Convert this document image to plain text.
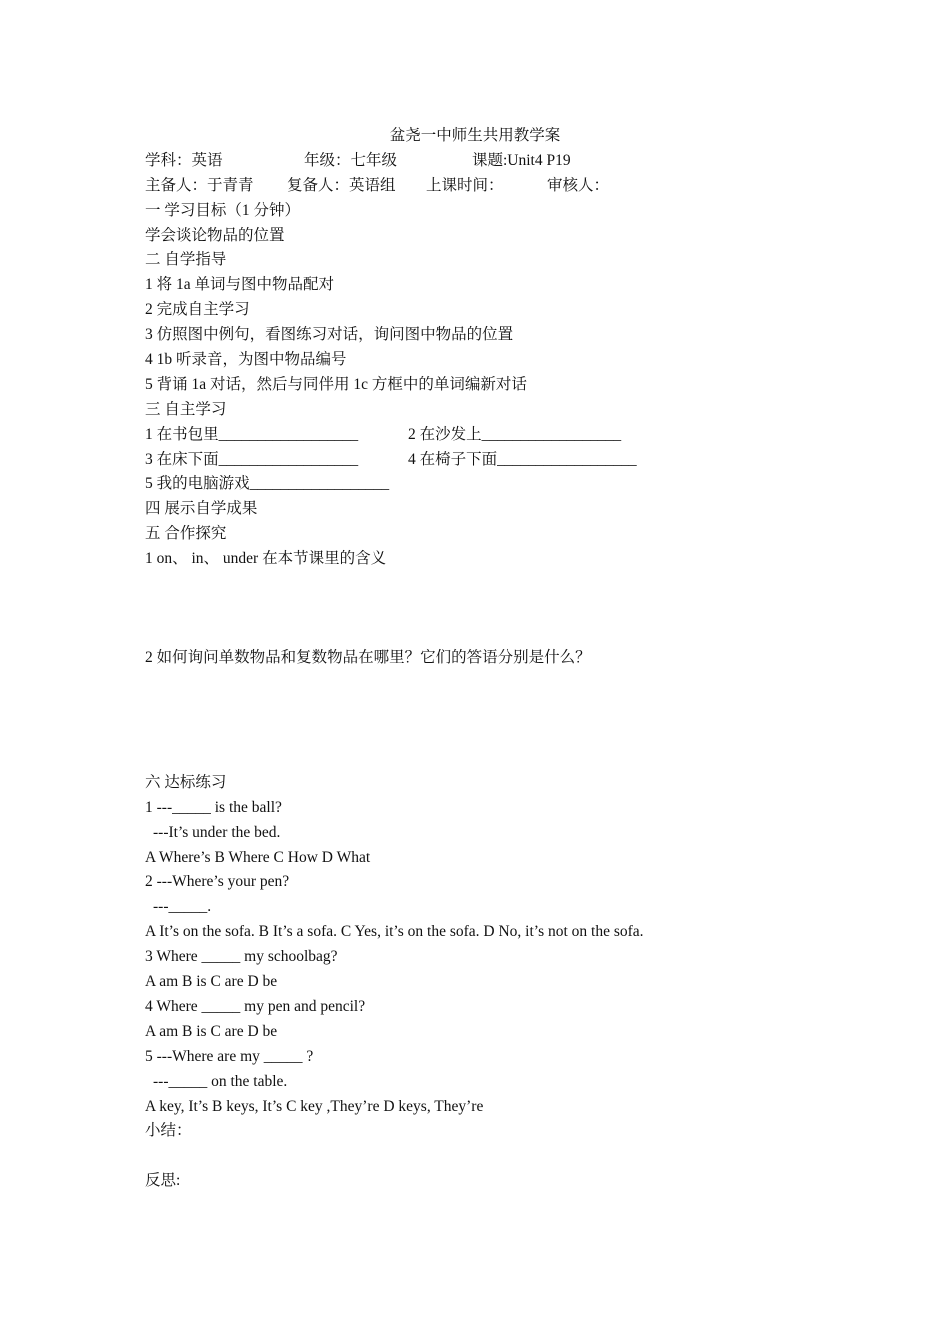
盆尧一中师生共用教学案
学科：英语	年级：七年级	课题:Unit4 P19
主备人：于青青 复备人：英语组 上课时间：	审核人：
一 学习目标（1 分钟）
学会谈论物品的位置
二 自学指导
1 将 1a 单词与图中物品配对
2 完成自主学习
3 仿照图中例句，看图练习对话，询问图中物品的位置
4 1b 听录音，为图中物品编号
5 背诵 1a 对话，然后与同伴用 1c 方框中的单词编新对话
三 自主学习
1 在书包里__________________	2 在沙发上__________________
3 在床下面__________________	4 在椅子下面__________________
5 我的电脑游戏__________________
四 展示自学成果
五 合作探究
1 on、 in、 under 在本节课里的含义
2 如何询问单数物品和复数物品在哪里？它们的答语分别是什么？
六 达标练习
1 ---_____ is the ball?
---It’s under the bed.
A Where’s B Where C How D What
2 ---Where’s your pen?
---_____.
A It’s on the sofa. B It’s a sofa. C Yes, it’s on the sofa. D No, it’s not on the sofa.
3 Where _____ my schoolbag?
A am B is C are D be
4 Where _____ my pen and pencil?
A am B is C are D be
5 ---Where are my _____ ?
---_____ on the table.
A key, It’s B keys, It’s C key ,They’re D keys, They’re
小结：
反思:
